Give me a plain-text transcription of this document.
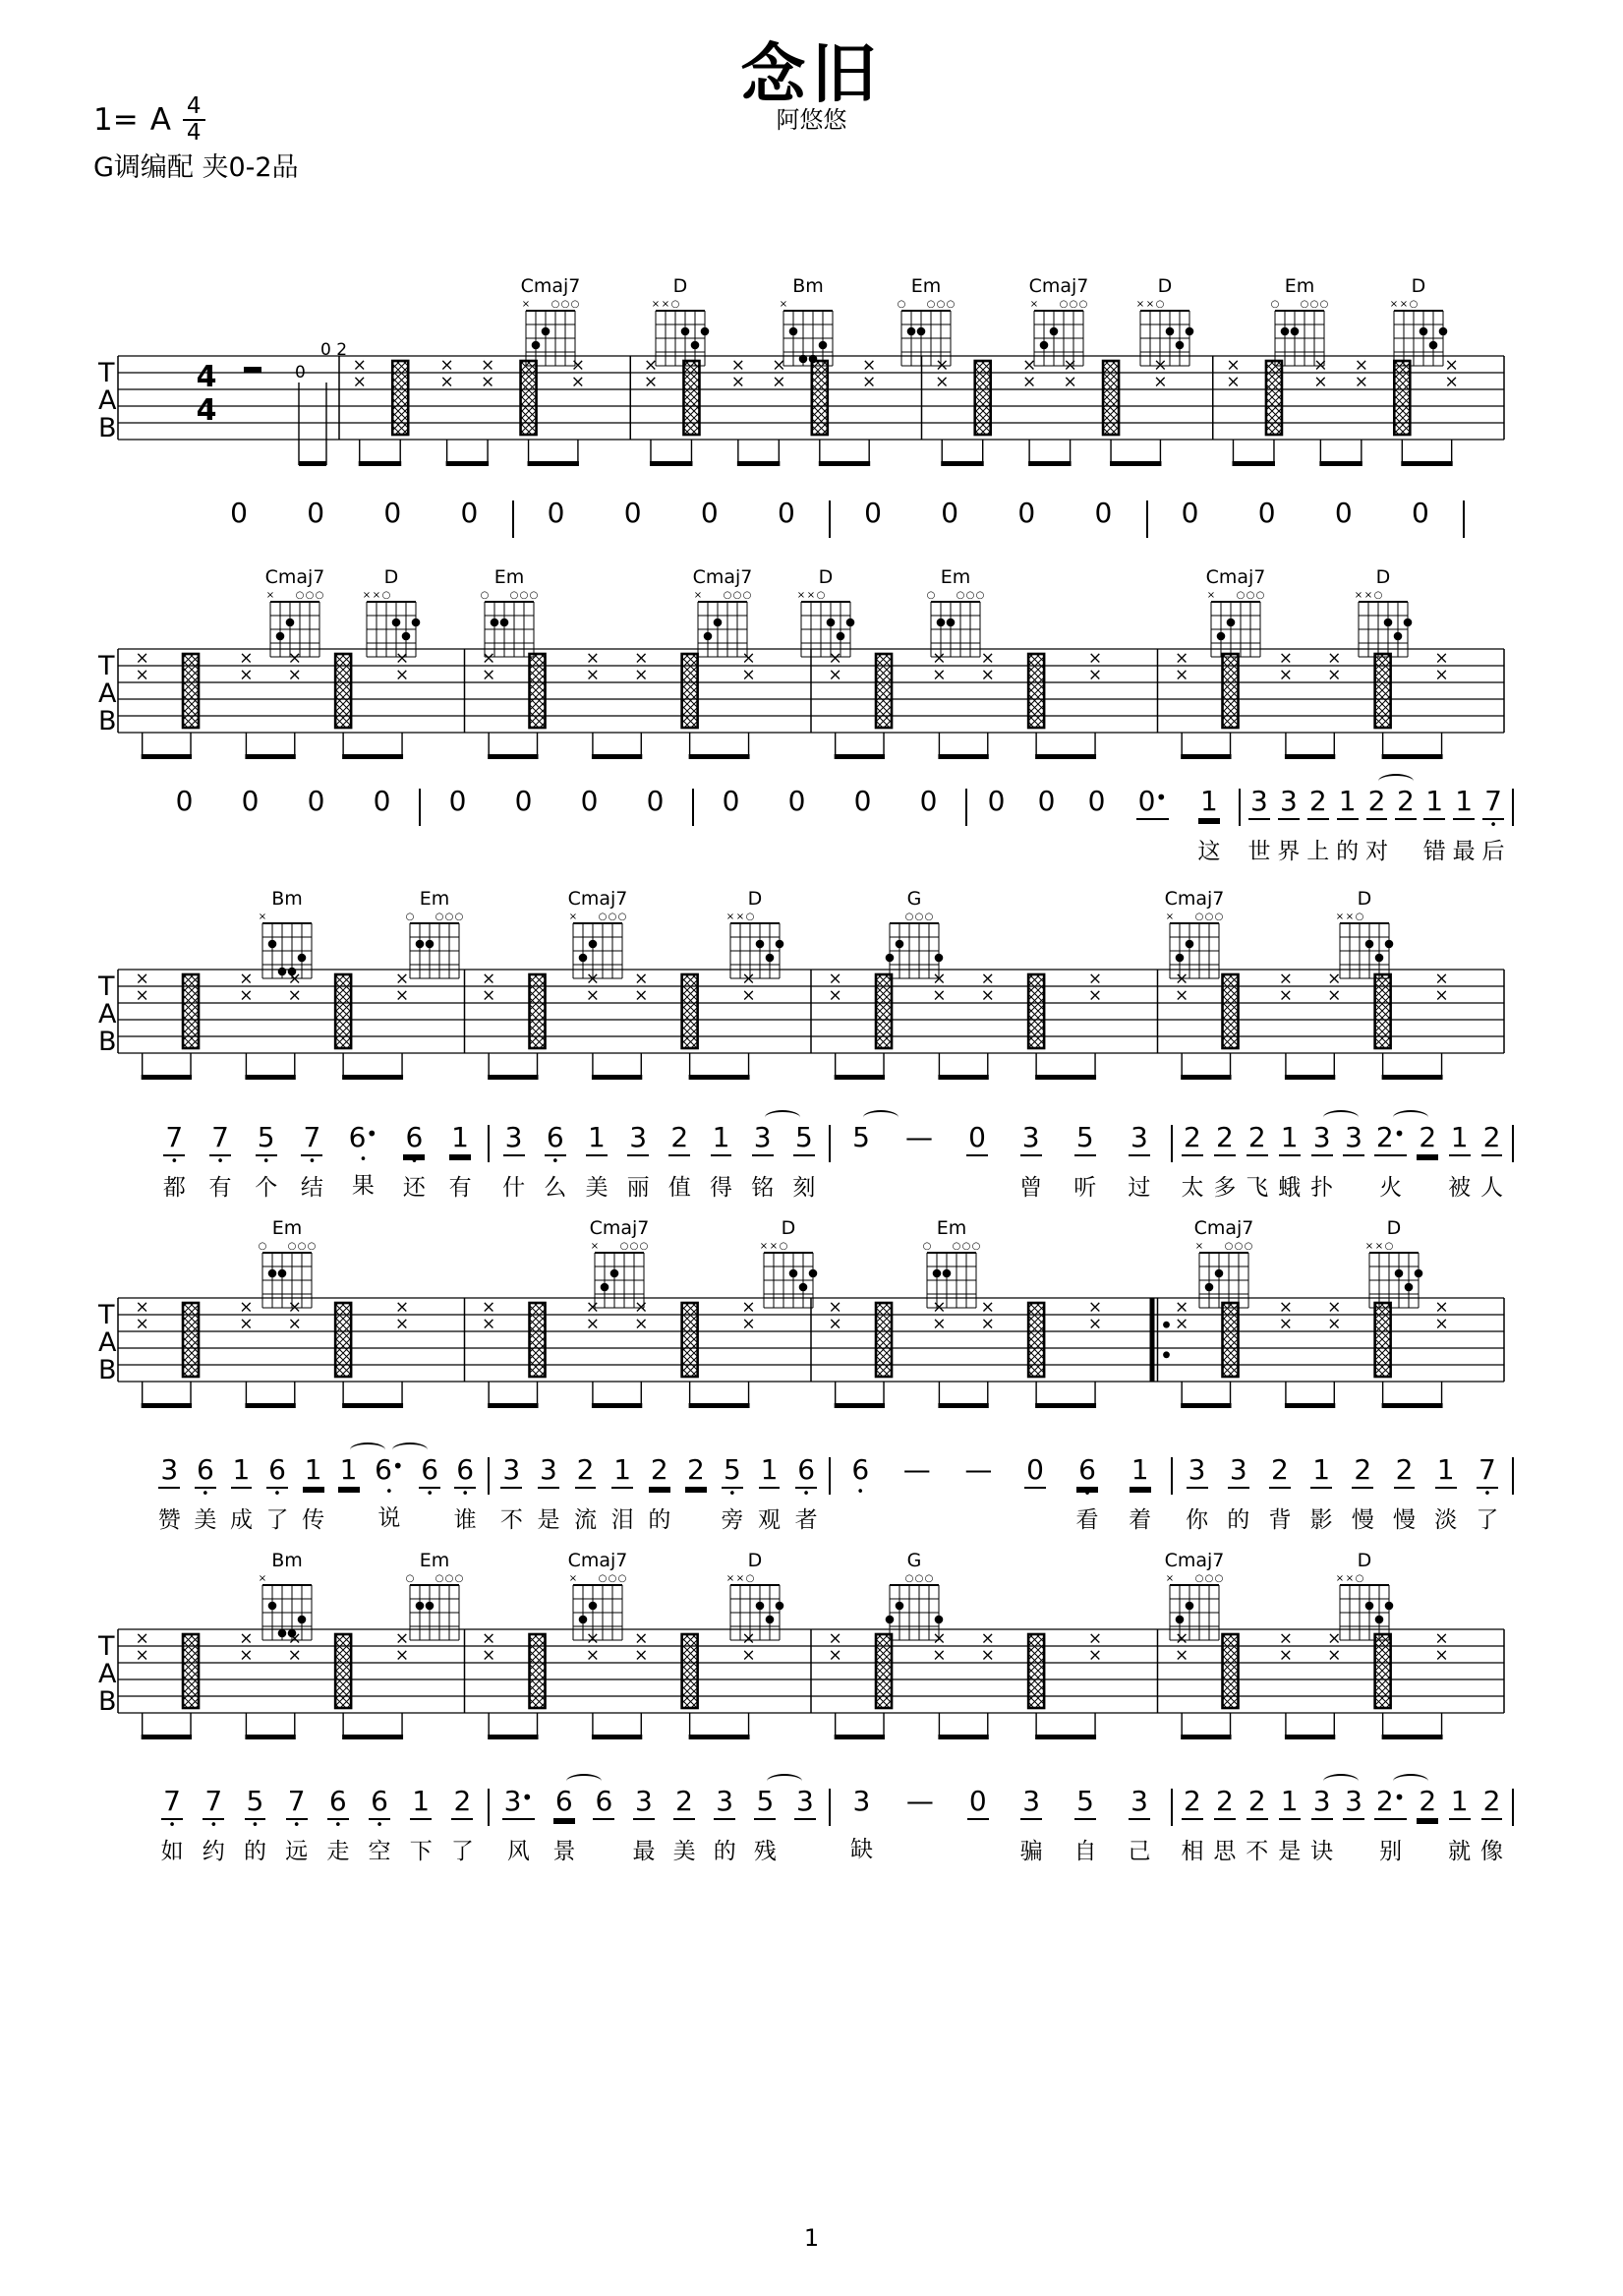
念旧
阿悠悠
1= A $\frac{4}{4}$
G调编配 夹0-2品
Cmaj7
× ○ ○ ○
D
× × ○
Bm
×
Em
○ ○ ○ ○
Cmaj7
× ○ ○ ○
D
× × ○
Em
○ ○ ○ ○
D
× × ○
T
A
B
4
4
0
0 2
×
×
×
×
×
×
×
×
×
×
×
×
×
×
×
×
×
×
×
×
×
×
×
×
×
×
×
×
×
×
×
×
0 0 0 0	0 0 0 0	0 0 0 0	0 0 0 0
Cmaj7
× ○ ○ ○
D
× × ○
Em
○ ○ ○ ○
Cmaj7
× ○ ○ ○
D
× × ○
Em
○ ○ ○ ○
Cmaj7
× ○ ○ ○
D
× × ○
T
A
B
×
×
×
×
×
×
×
×
×
×
×
×
×
×
×
×
×
×
×
×
×
×
×
×
×
×
×
×
×
×
×
×
0 0 0 0 0 0 0 0 0 0 0 0 0 0 0 0• 1
这
3
世
3
界
2
上
1
的
2
对
2 1
错
1
最
7
•
后
Bm
×
Em
○ ○ ○ ○
Cmaj7
× ○ ○ ○
D
× × ○
G
○ ○ ○
Cmaj7
× ○ ○ ○
D
× × ○
T
A
B
×
×
×
×
×
×
×
×
×
×
×
×
×
×
×
×
×
×
×
×
×
×
×
×
×
×
×
×
×
×
×
×
7
•
都
7
•
有
5
•
个
7
•
结
6•
•
果
6
•
还
1
有
3
什
6
•
么
1
美
3
丽
2
值
1
得
3
铭
5
刻
5 — 0 3
曾
5
听
3
过
2
太
2
多
2
飞
1
蛾
3
扑
3 2•
火
2 1
被
2
人
Em
○ ○ ○ ○
Cmaj7
× ○ ○ ○
D
× × ○
Em
○ ○ ○ ○
Cmaj7
× ○ ○ ○
D
× × ○
T
A
B
×
×
×
×
×
×
×
×
×
×
×
×
×
×
×
×
×
×
×
×
×
×
×
×
×
×
×
×
×
×
×
×
3
赞
6
•
美
1
成
6
•
了
1
传
1 6•
•
说
6
•
6
•
谁
3
不
3
是
2
流
1
泪
2
的
2 5
•
旁
1
观
6
•
者
6
•
— — 0 6
•
看
1
着
3
你
3
的
2
背
1
影
2
慢
2
慢
1
淡
7
•
了
Bm
×
Em
○ ○ ○ ○
Cmaj7
× ○ ○ ○
D
× × ○
G
○ ○ ○
Cmaj7
× ○ ○ ○
D
× × ○
T
A
B
×
×
×
×
×
×
×
×
×
×
×
×
×
×
×
×
×
×
×
×
×
×
×
×
×
×
×
×
×
×
×
×
7
•
如
7
•
约
5
•
的
7
•
远
6
•
走
6
•
空
1
下
2
了
3•
风
6
景
6 3
最
2
美
3
的
5
残
3 3
缺
— 0 3
骗
5
自
3
己
2
相
2
思
2
不
1
是
3
诀
3 2•
别
2 1
就
2
像
1
